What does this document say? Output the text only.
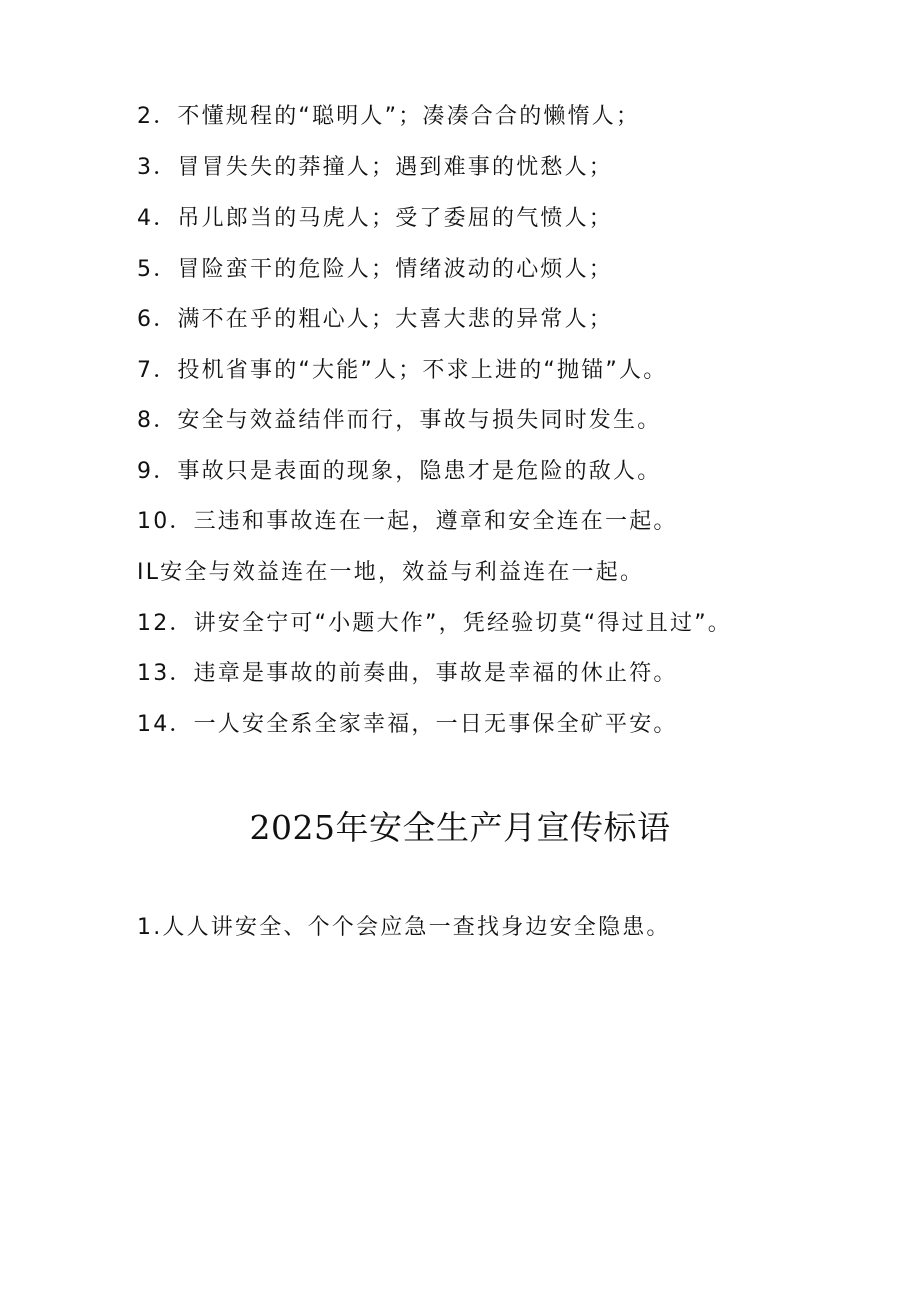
2．不懂规程的“聪明人”；凑凑合合的懒惰人；

3．冒冒失失的莽撞人；遇到难事的忧愁人；

4．吊儿郎当的马虎人；受了委屈的气愤人；

5．冒险蛮干的危险人；情绪波动的心烦人；

6．满不在乎的粗心人；大喜大悲的异常人；

7．投机省事的“大能”人；不求上进的“抛锚”人。

8．安全与效益结伴而行，事故与损失同时发生。

9．事故只是表面的现象，隐患才是危险的敌人。

10．三违和事故连在一起，遵章和安全连在一起。

IL安全与效益连在一地，效益与利益连在一起。

12．讲安全宁可“小题大作”，凭经验切莫“得过且过”。

13．违章是事故的前奏曲，事故是幸福的休止符。

14．一人安全系全家幸福，一日无事保全矿平安。

2025年安全生产月宣传标语

1.人人讲安全、个个会应急一查找身边安全隐患。
